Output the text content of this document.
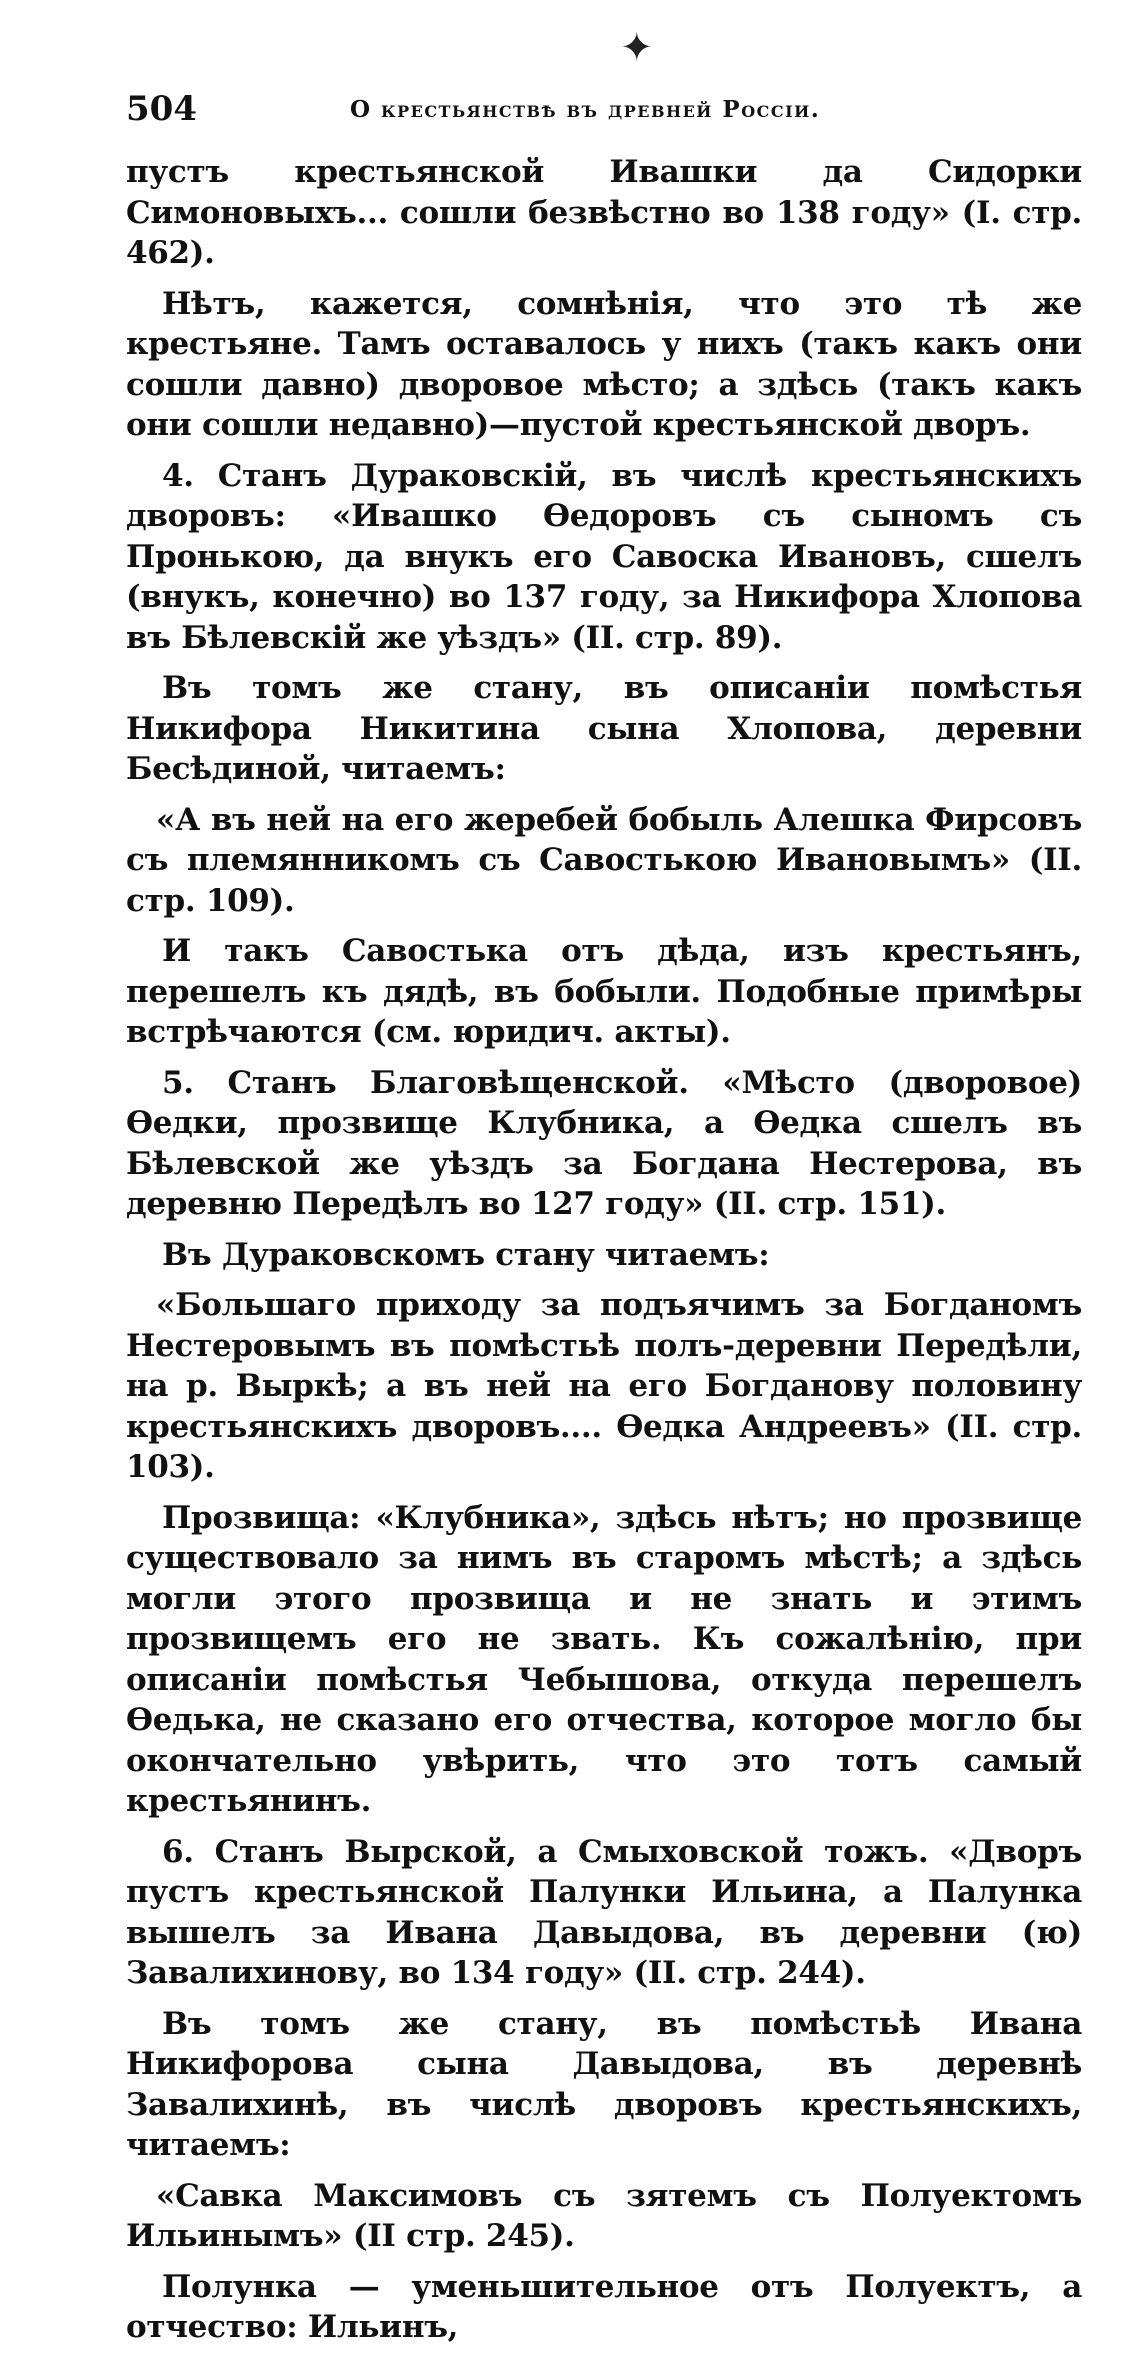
✦
504	О крестьянствѣ въ древней Россіи.

пустъ крестьянской Ивашки да Сидорки Симоновыхъ... сошли безвѣстно во 138 году» (I. стр. 462).

Нѣтъ, кажется, сомнѣнія, что это тѣ же крестьяне. Тамъ оставалось у нихъ (такъ какъ они сошли давно) дворовое мѣсто; а здѣсь (такъ какъ они сошли недавно)—пустой крестьянской дворъ.

4. Станъ Дураковскій, въ числѣ крестьянскихъ дворовъ: «Ивашко Ѳедоровъ съ сыномъ съ Пронькою, да внукъ его Савоска Ивановъ, сшелъ (внукъ, конечно) во 137 году, за Никифора Хлопова въ Бѣлевскій же уѣздъ» (II. стр. 89).

Въ томъ же стану, въ описаніи помѣстья Никифора Никитина сына Хлопова, деревни Бесѣдиной, читаемъ:

«А въ ней на его жеребей бобыль Алешка Фирсовъ съ племянникомъ съ Савостькою Ивановымъ» (II. стр. 109).

И такъ Савостька отъ дѣда, изъ крестьянъ, перешелъ къ дядѣ, въ бобыли. Подобные примѣры встрѣчаются (см. юридич. акты).

5. Станъ Благовѣщенской. «Мѣсто (дворовое) Ѳедки, прозвище Клубника, а Ѳедка сшелъ въ Бѣлевской же уѣздъ за Богдана Нестерова, въ деревню Передѣлъ во 127 году» (II. стр. 151).

Въ Дураковскомъ стану читаемъ:

«Большаго приходу за подъячимъ за Богданомъ Нестеровымъ въ помѣстьѣ полъ-деревни Передѣли, на р. Выркѣ; а въ ней на его Богданову половину крестьянскихъ дворовъ.... Ѳедка Андреевъ» (II. стр. 103).

Прозвища: «Клубника», здѣсь нѣтъ; но прозвище существовало за нимъ въ старомъ мѣстѣ; а здѣсь могли этого прозвища и не знать и этимъ прозвищемъ его не звать. Къ сожалѣнію, при описаніи помѣстья Чебышова, откуда перешелъ Ѳедька, не сказано его отчества, которое могло бы окончательно увѣрить, что это тотъ самый крестьянинъ.

6. Станъ Вырской, а Смыховской тожъ. «Дворъ пустъ крестьянской Палунки Ильина, а Палунка вышелъ за Ивана Давыдова, въ деревни (ю) Завалихинову, во 134 году» (II. стр. 244).

Въ томъ же стану, въ помѣстьѣ Ивана Никифорова сына Давыдова, въ деревнѣ Завалихинѣ, въ числѣ дворовъ крестьянскихъ, читаемъ:

«Савка Максимовъ съ зятемъ съ Полуектомъ Ильинымъ» (II стр. 245).

Полунка — уменьшительное отъ Полуектъ, а отчество: Ильинъ,
